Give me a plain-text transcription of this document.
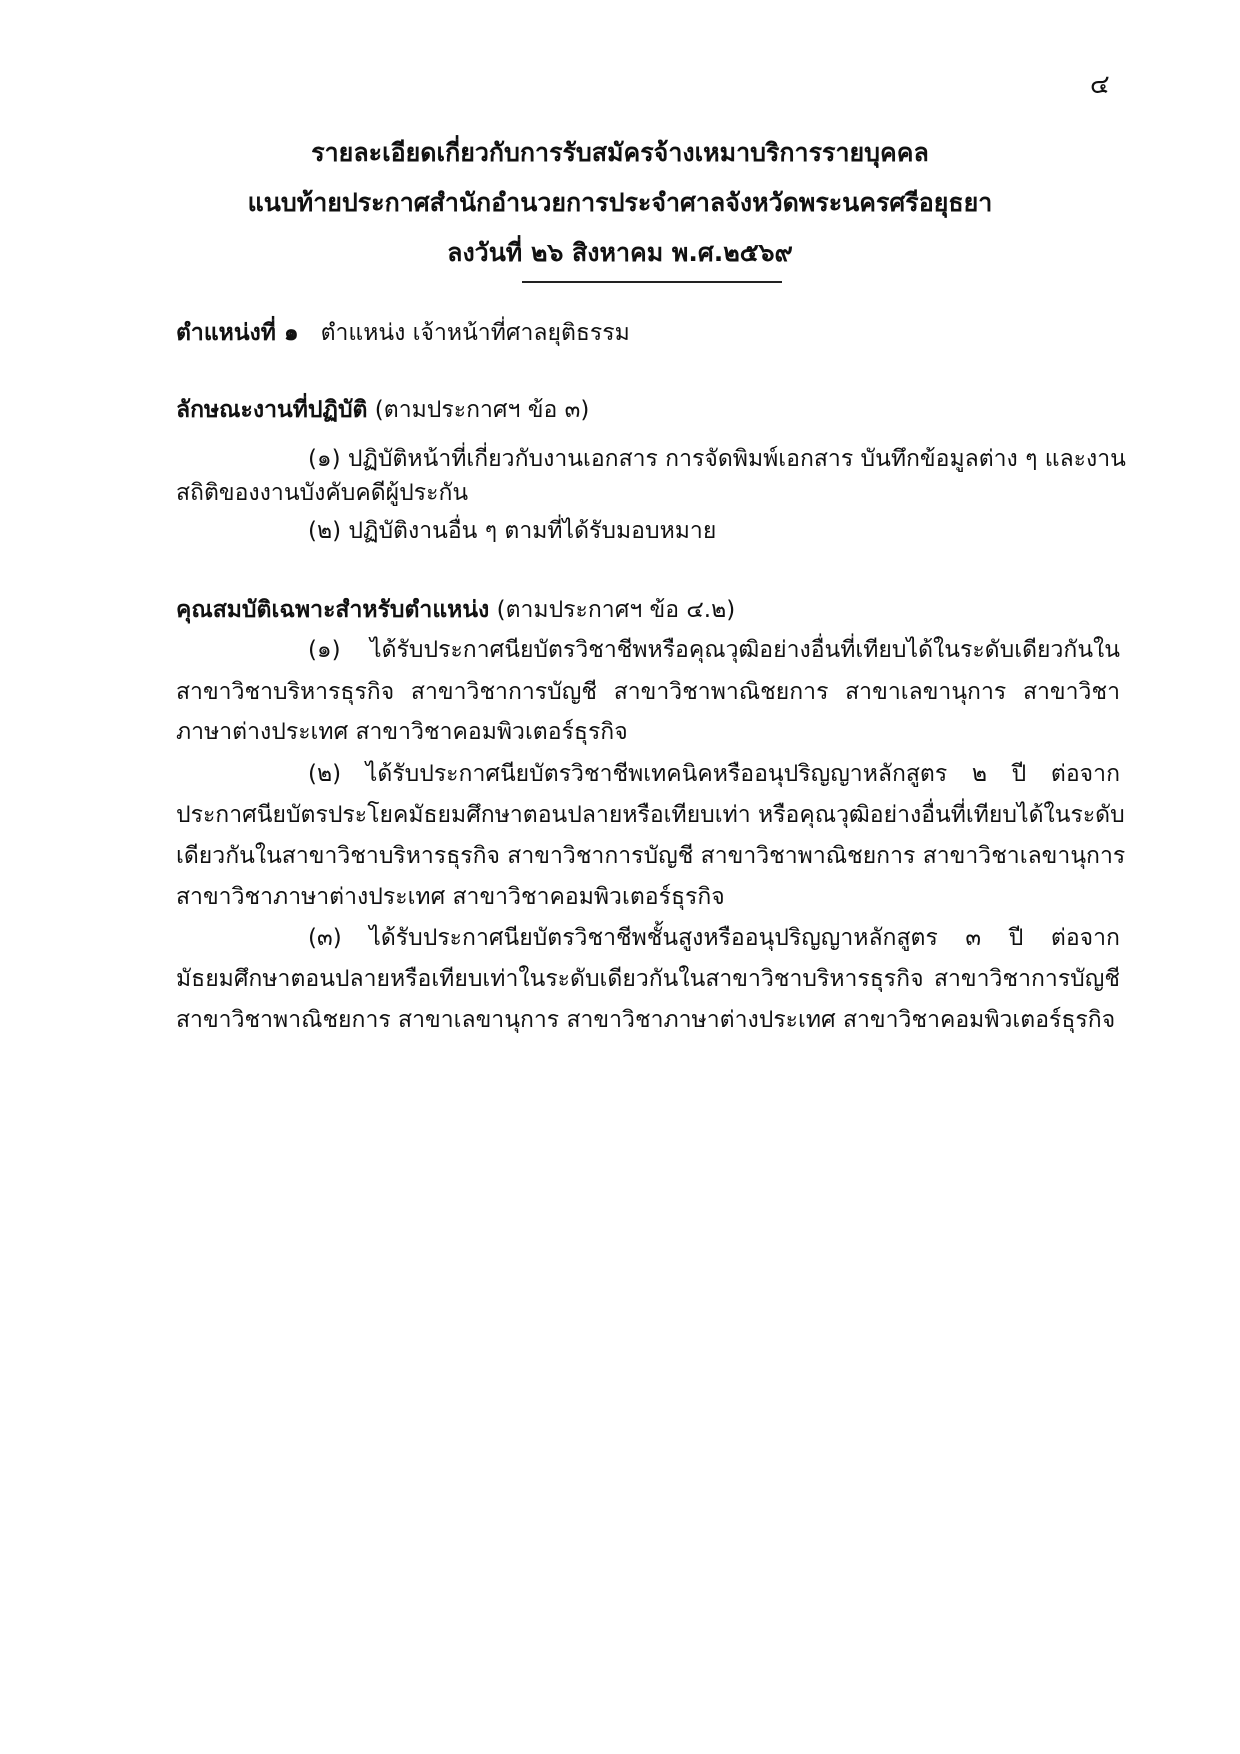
๔
รายละเอียดเกี่ยวกับการรับสมัครจ้างเหมาบริการรายบุคคล
แนบท้ายประกาศสำนักอำนวยการประจำศาลจังหวัดพระนครศรีอยุธยา
ลงวันที่ ๒๖ สิงหาคม พ.ศ.๒๕๖๙
ตำแหน่งที่ ๑ ตำแหน่ง เจ้าหน้าที่ศาลยุติธรรม
ลักษณะงานที่ปฏิบัติ (ตามประกาศฯ ข้อ ๓)
(๑) ปฏิบัติหน้าที่เกี่ยวกับงานเอกสาร การจัดพิมพ์เอกสาร บันทึกข้อมูลต่าง ๆ และงาน
สถิติของงานบังคับคดีผู้ประกัน
(๒) ปฏิบัติงานอื่น ๆ ตามที่ได้รับมอบหมาย
คุณสมบัติเฉพาะสำหรับตำแหน่ง (ตามประกาศฯ ข้อ ๔.๒)
(๑) ได้รับประกาศนียบัตรวิชาชีพหรือคุณวุฒิอย่างอื่นที่เทียบได้ในระดับเดียวกันใน
สาขาวิชาบริหารธุรกิจ สาขาวิชาการบัญชี สาขาวิชาพาณิชยการ สาขาเลขานุการ สาขาวิชา
ภาษาต่างประเทศ สาขาวิชาคอมพิวเตอร์ธุรกิจ
(๒) ได้รับประกาศนียบัตรวิชาชีพเทคนิคหรืออนุปริญญาหลักสูตร ๒ ปี ต่อจาก
ประกาศนียบัตรประโยคมัธยมศึกษาตอนปลายหรือเทียบเท่า หรือคุณวุฒิอย่างอื่นที่เทียบได้ในระดับ
เดียวกันในสาขาวิชาบริหารธุรกิจ สาขาวิชาการบัญชี สาขาวิชาพาณิชยการ สาขาวิชาเลขานุการ
สาขาวิชาภาษาต่างประเทศ สาขาวิชาคอมพิวเตอร์ธุรกิจ
(๓) ได้รับประกาศนียบัตรวิชาชีพชั้นสูงหรืออนุปริญญาหลักสูตร ๓ ปี ต่อจาก
มัธยมศึกษาตอนปลายหรือเทียบเท่าในระดับเดียวกันในสาขาวิชาบริหารธุรกิจ สาขาวิชาการบัญชี
สาขาวิชาพาณิชยการ สาขาเลขานุการ สาขาวิชาภาษาต่างประเทศ สาขาวิชาคอมพิวเตอร์ธุรกิจ
